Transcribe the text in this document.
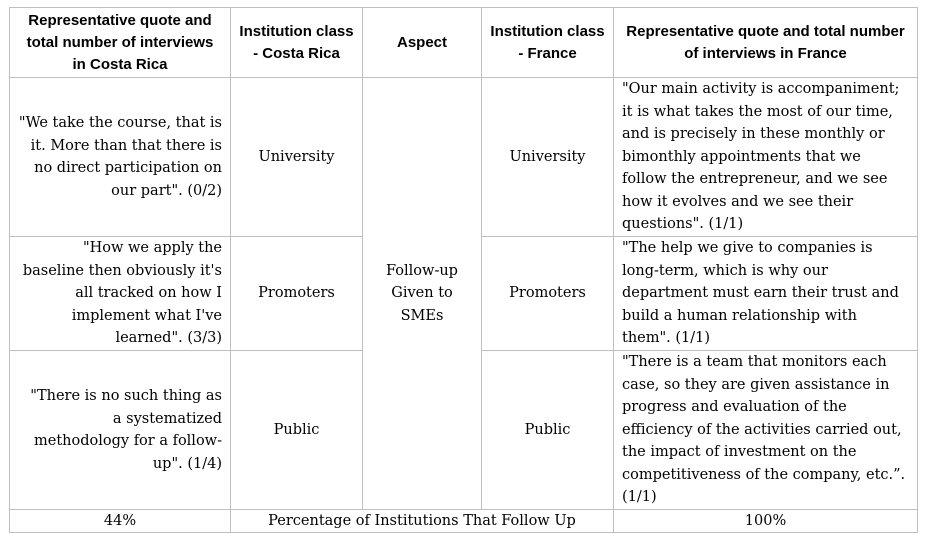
Representative quote and total number of interviews in Costa Rica	Institution class - Costa Rica	Aspect	Institution class - France	Representative quote and total number of interviews in France
"We take the course, that is it. More than that there is no direct participation on our part". (0/2)	University	Follow-up Given to SMEs	University	"Our main activity is accompaniment; it is what takes the most of our time, and is precisely in these monthly or bimonthly appointments that we follow the entrepreneur, and we see how it evolves and we see their questions". (1/1)
"How we apply the baseline then obviously it's all tracked on how I implement what I've learned". (3/3)	Promoters		Promoters	"The help we give to companies is long-term, which is why our department must earn their trust and build a human relationship with them". (1/1)
"There is no such thing as a systematized methodology for a follow-up". (1/4)	Public		Public	"There is a team that monitors each case, so they are given assistance in progress and evaluation of the efficiency of the activities carried out, the impact of investment on the competitiveness of the company, etc.”. (1/1)
44%	Percentage of Institutions That Follow Up			100%
